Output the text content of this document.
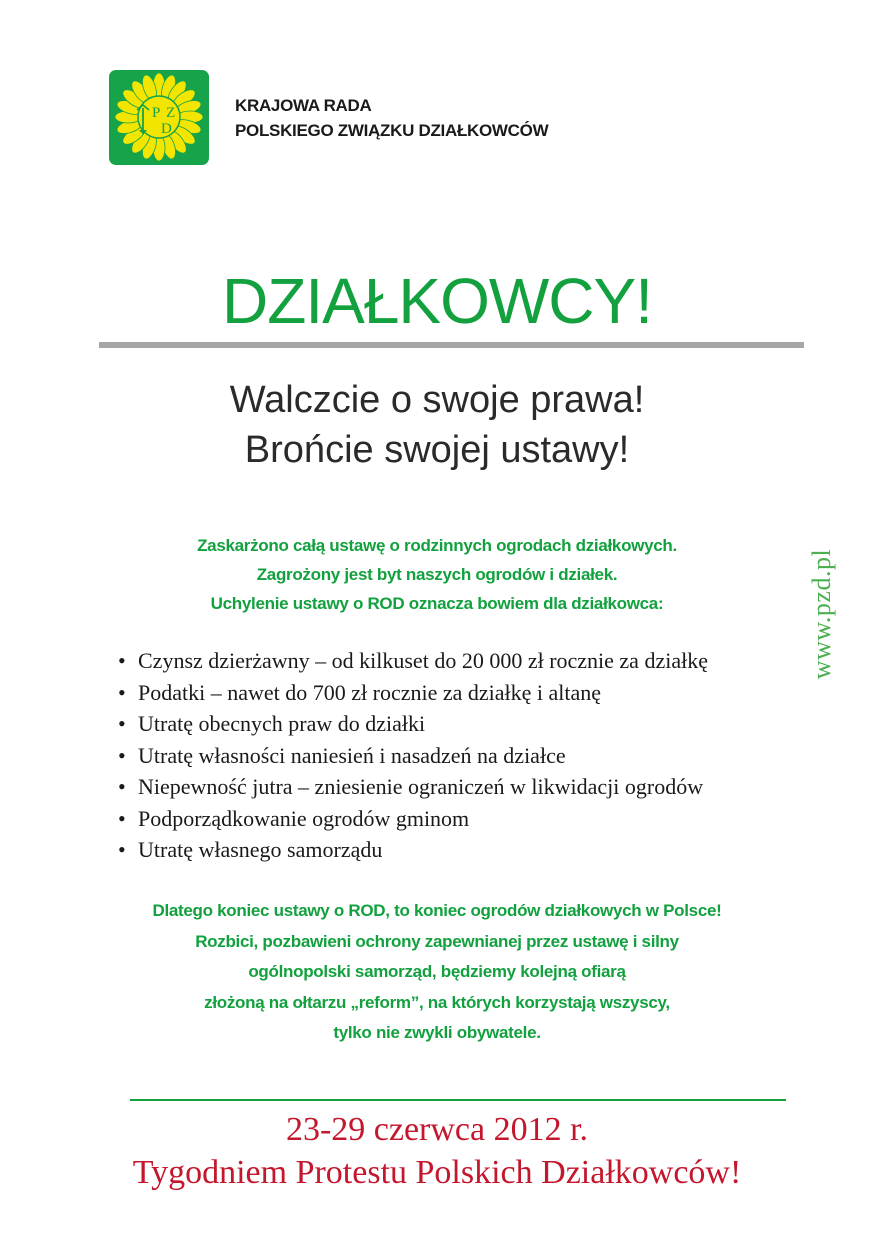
P Z
D
KRAJOWA RADA
POLSKIEGO ZWIĄZKU DZIAŁKOWCÓW
DZIAŁKOWCY!
Walczcie o swoje prawa!
Brońcie swojej ustawy!
Zaskarżono całą ustawę o rodzinnych ogrodach działkowych.
Zagrożony jest byt naszych ogrodów i działek.
Uchylenie ustawy o ROD oznacza bowiem dla działkowca:
• Czynsz dzierżawny – od kilkuset do 20 000 zł rocznie za działkę
• Podatki – nawet do 700 zł rocznie za działkę i altanę
• Utratę obecnych praw do działki
• Utratę własności naniesień i nasadzeń na działce
• Niepewność jutra – zniesienie ograniczeń w likwidacji ogrodów
• Podporządkowanie ogrodów gminom
• Utratę własnego samorządu
Dlatego koniec ustawy o ROD, to koniec ogrodów działkowych w Polsce!
Rozbici, pozbawieni ochrony zapewnianej przez ustawę i silny
ogólnopolski samorząd, będziemy kolejną ofiarą
złożoną na ołtarzu „reform”, na których korzystają wszyscy,
tylko nie zwykli obywatele.
23-29 czerwca 2012 r.
Tygodniem Protestu Polskich Działkowców!
www.pzd.pl
